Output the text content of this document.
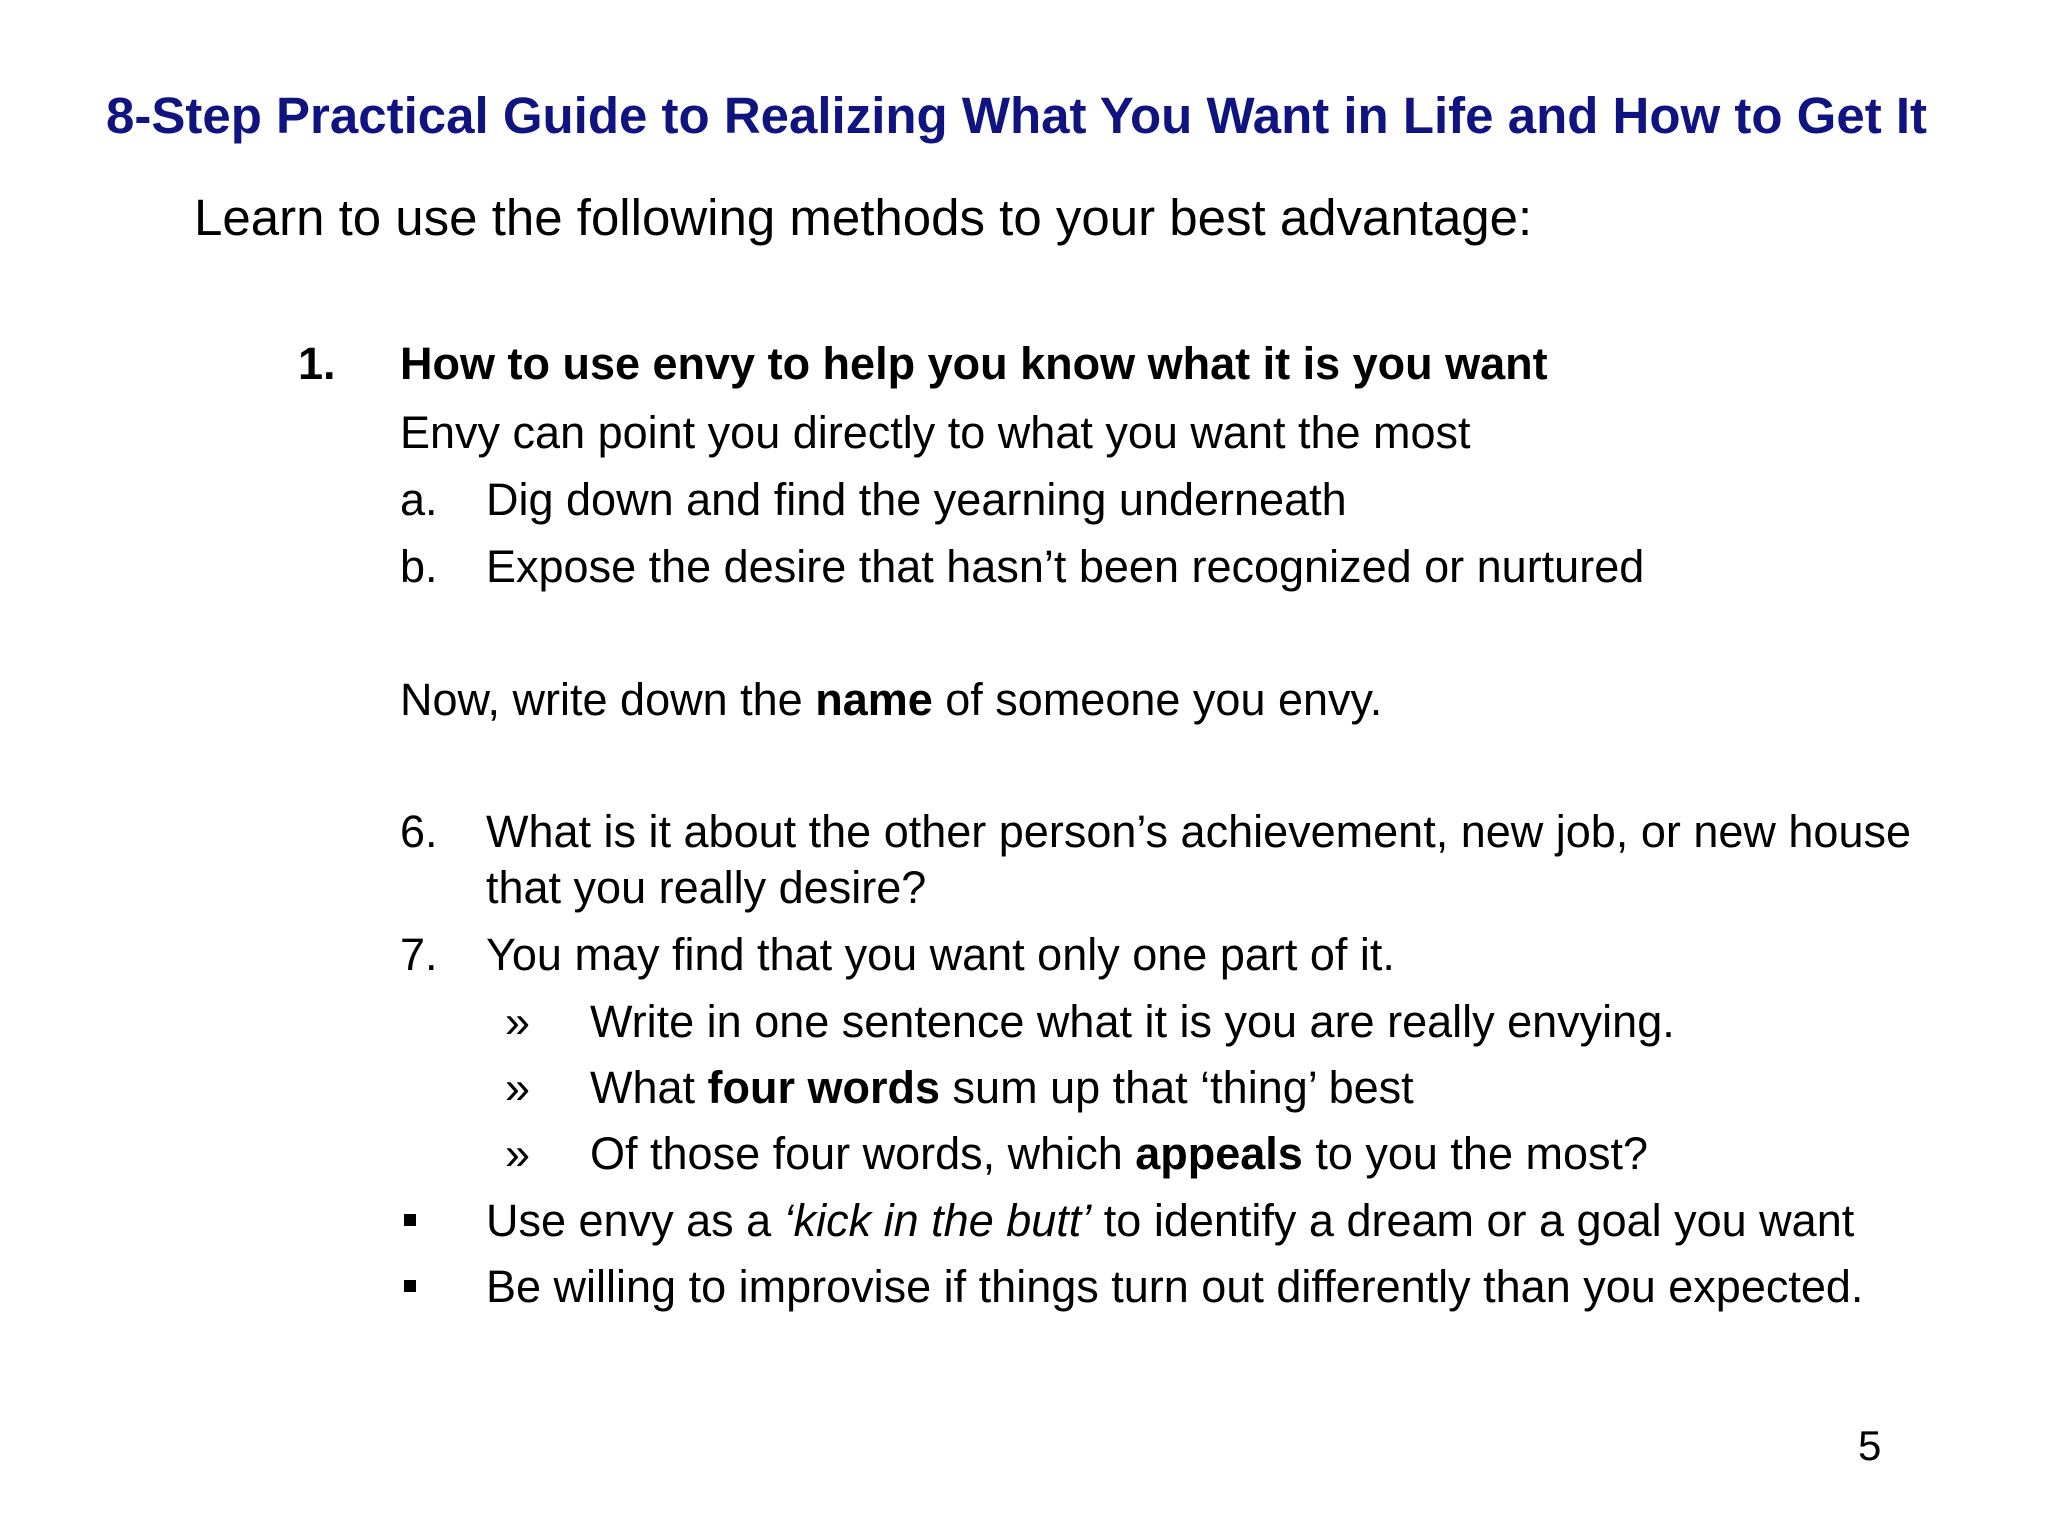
8-Step Practical Guide to Realizing What You Want in Life and How to Get It
Learn to use the following methods to your best advantage:
1. How to use envy to help you know what it is you want
Envy can point you directly to what you want the most
a. Dig down and find the yearning underneath
b. Expose the desire that hasn’t been recognized or nurtured
Now, write down the name of someone you envy.
6. What is it about the other person’s achievement, new job, or new house
that you really desire?
7. You may find that you want only one part of it.
» Write in one sentence what it is you are really envying.
» What four words sum up that ‘thing’ best
» Of those four words, which appeals to you the most?
Use envy as a ‘kick in the butt’ to identify a dream or a goal you want
Be willing to improvise if things turn out differently than you expected.
5
